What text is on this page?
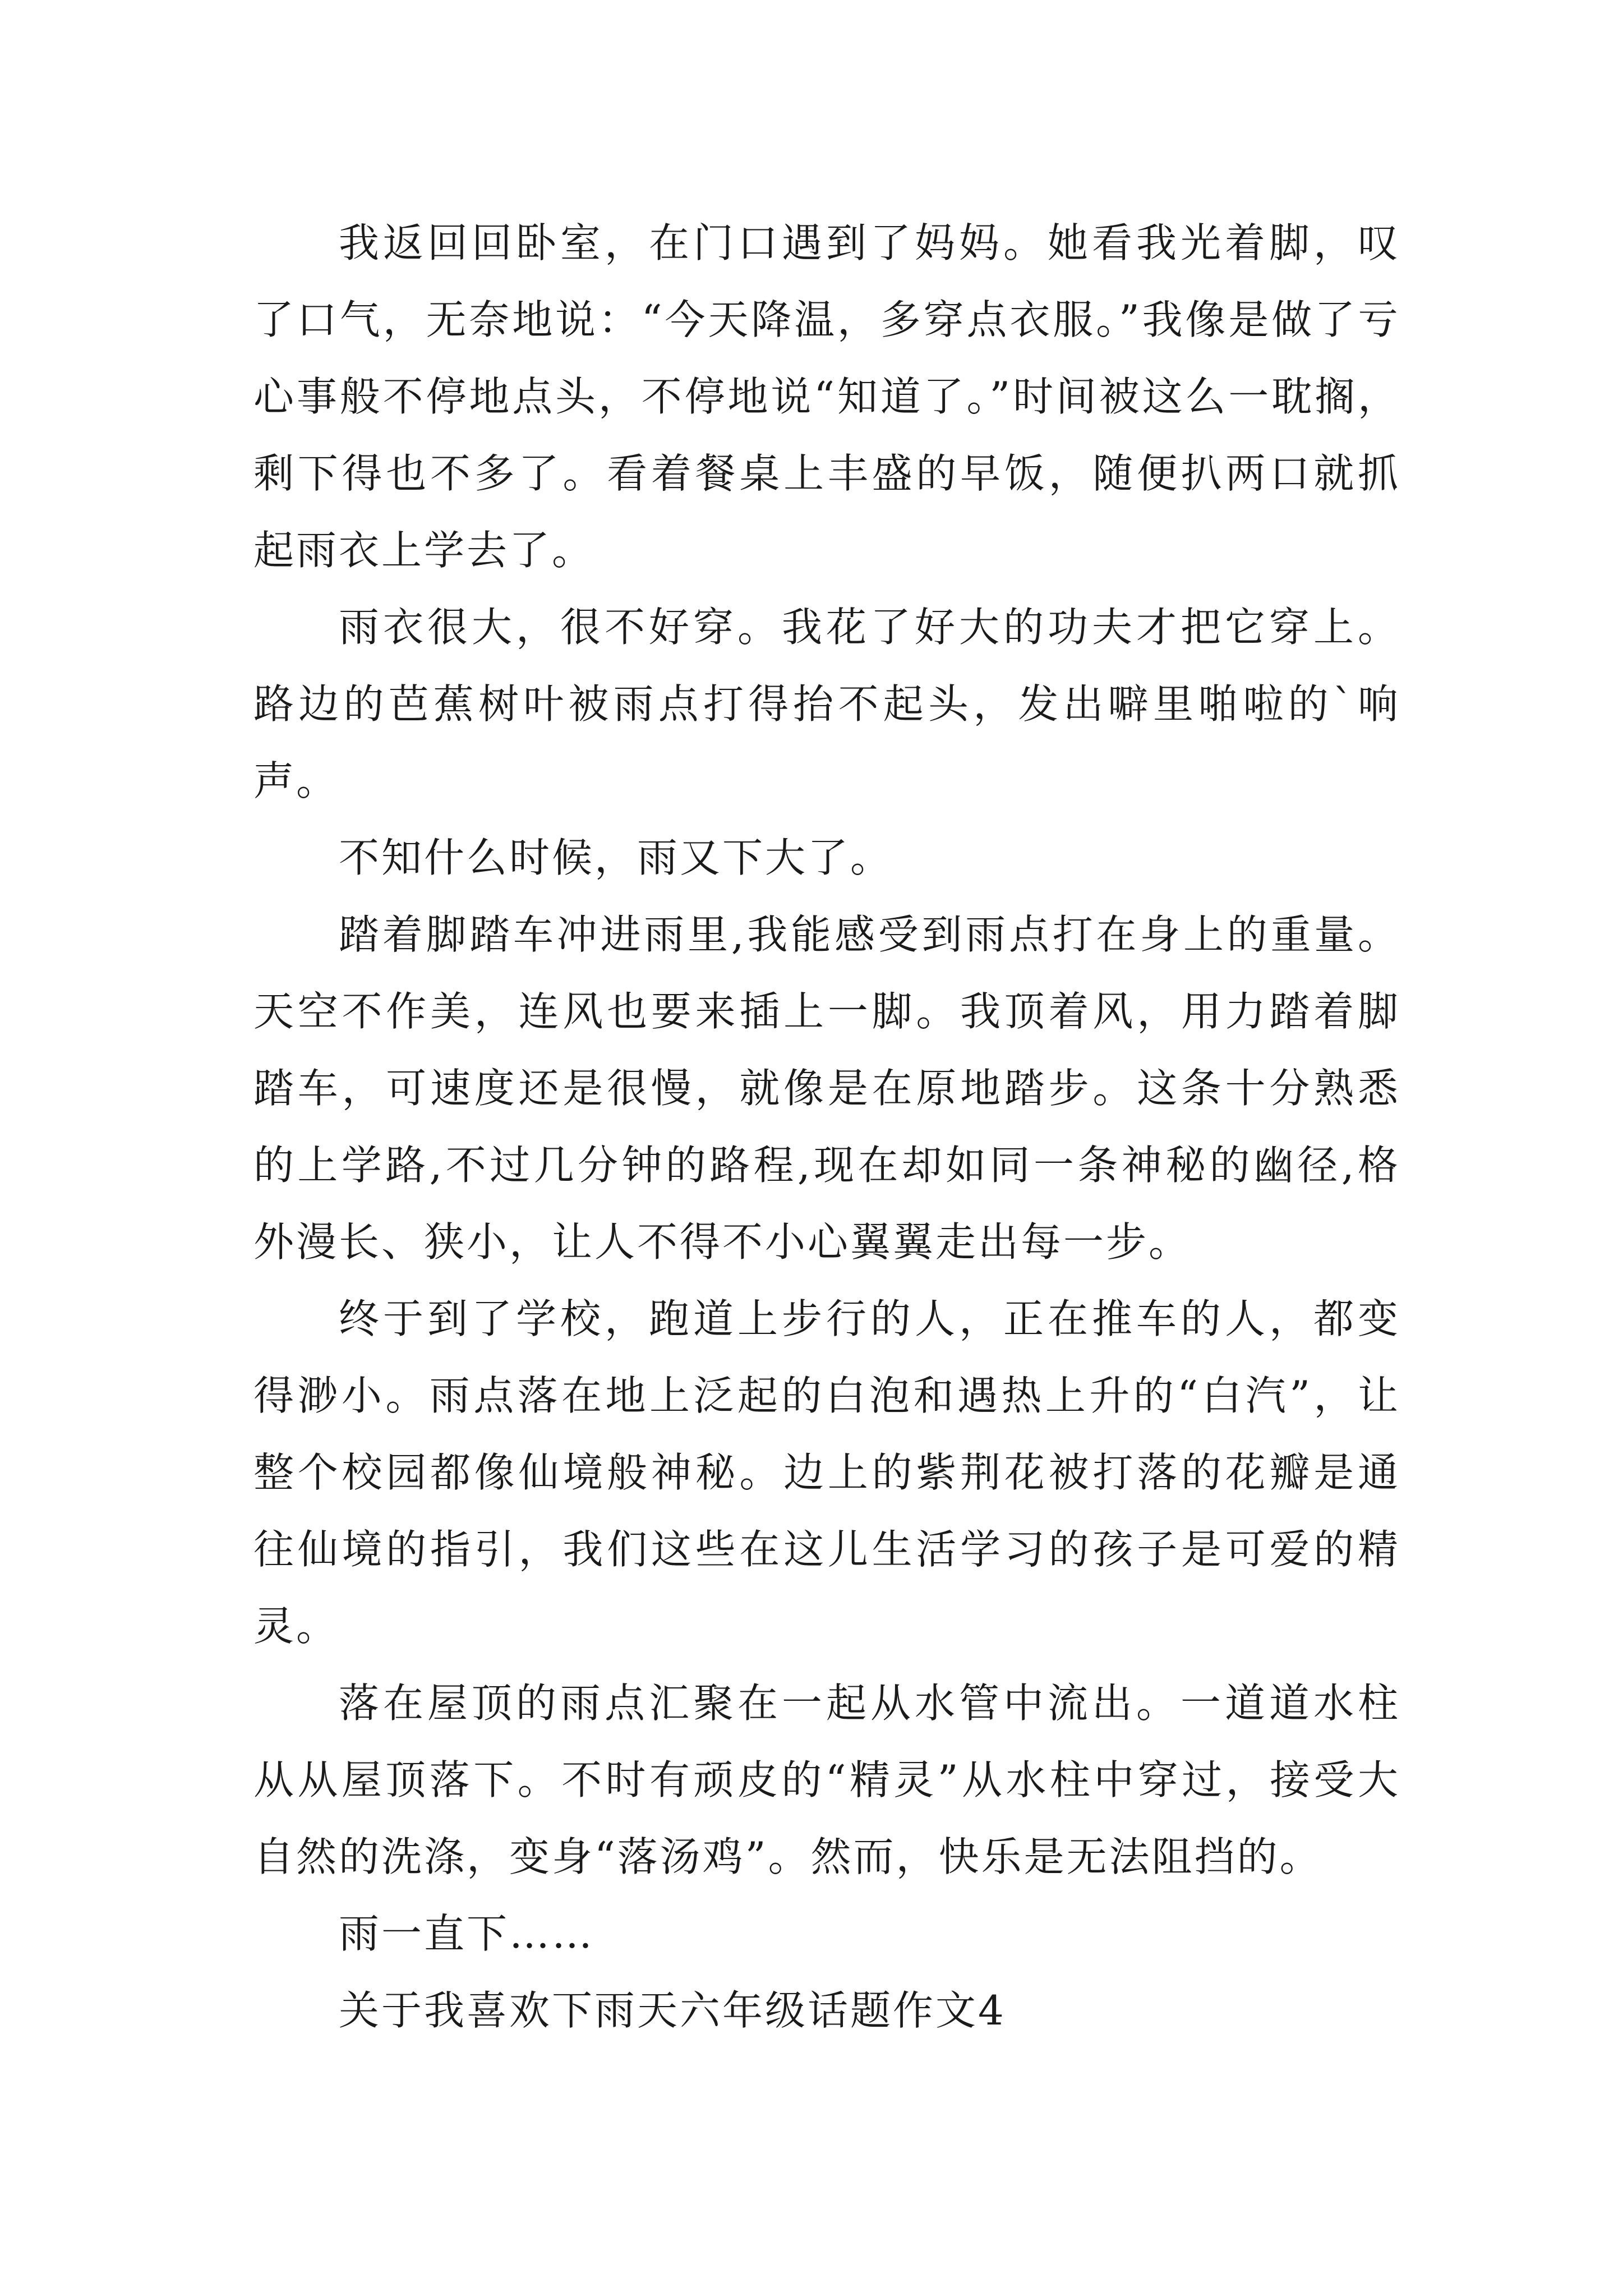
我返回回卧室，在门口遇到了妈妈。她看我光着脚，叹了口气，无奈地说：“今天降温，多穿点衣服。”我像是做了亏心事般不停地点头，不停地说“知道了。”时间被这么一耽搁，剩下得也不多了。看着餐桌上丰盛的早饭，随便扒两口就抓起雨衣上学去了。

雨衣很大，很不好穿。我花了好大的功夫才把它穿上。路边的芭蕉树叶被雨点打得抬不起头，发出噼里啪啦的`响声。

不知什么时候，雨又下大了。

踏着脚踏车冲进雨里,我能感受到雨点打在身上的重量。天空不作美，连风也要来插上一脚。我顶着风，用力踏着脚踏车，可速度还是很慢，就像是在原地踏步。这条十分熟悉的上学路,不过几分钟的路程,现在却如同一条神秘的幽径,格外漫长、狭小，让人不得不小心翼翼走出每一步。

终于到了学校，跑道上步行的人，正在推车的人，都变得渺小。雨点落在地上泛起的白泡和遇热上升的“白汽”，让整个校园都像仙境般神秘。边上的紫荆花被打落的花瓣是通往仙境的指引，我们这些在这儿生活学习的孩子是可爱的精灵。

落在屋顶的雨点汇聚在一起从水管中流出。一道道水柱从从屋顶落下。不时有顽皮的“精灵”从水柱中穿过，接受大自然的洗涤，变身“落汤鸡”。然而，快乐是无法阻挡的。

雨一直下……

关于我喜欢下雨天六年级话题作文4
